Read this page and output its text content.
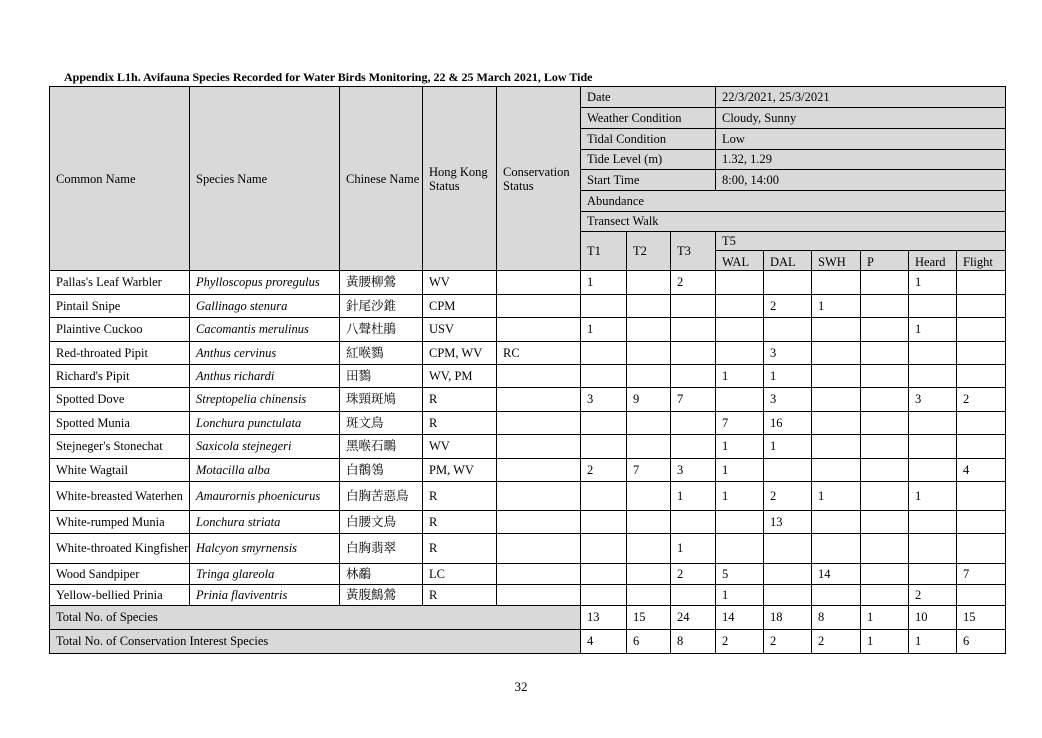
Appendix L1h. Avifauna Species Recorded for Water Birds Monitoring, 22 & 25 March 2021, Low Tide
Common Name	Species Name	Chinese Name	Hong Kong Status	Conservation Status	Date			22/3/2021, 25/3/2021					
					Weather Condition			Cloudy, Sunny					
					Tidal Condition			Low					
					Tide Level (m)			1.32, 1.29					
					Start Time			8:00, 14:00					
					Abundance								
					Transect Walk								
					T1	T2	T3	T5					
								WAL	DAL	SWH	P	Heard	Flight
Pallas's Leaf Warbler	Phylloscopus proregulus	黃腰柳鶯	WV		1		2					1	
Pintail Snipe	Gallinago stenura	針尾沙錐	CPM						2	1			
Plaintive Cuckoo	Cacomantis merulinus	八聲杜鵑	USV		1							1	
Red-throated Pipit	Anthus cervinus	紅喉鷚	CPM, WV	RC					3				
Richard's Pipit	Anthus richardi	田鷚	WV, PM					1	1				
Spotted Dove	Streptopelia chinensis	珠頸斑鳩	R		3	9	7		3			3	2
Spotted Munia	Lonchura punctulata	斑文鳥	R					7	16				
Stejneger's Stonechat	Saxicola stejnegeri	黑喉石䳭	WV					1	1				
White Wagtail	Motacilla alba	白鶺鴒	PM, WV		2	7	3	1					4
White-breasted Waterhen	Amaurornis phoenicurus	白胸苦惡鳥	R				1	1	2	1		1	
White-rumped Munia	Lonchura striata	白腰文鳥	R						13				
White-throated Kingfisher	Halcyon smyrnensis	白胸翡翠	R				1						
Wood Sandpiper	Tringa glareola	林鷸	LC				2	5		14			7
Yellow-bellied Prinia	Prinia flaviventris	黃腹鷦鶯	R					1				2	
Total No. of Species					13	15	24	14	18	8	1	10	15
Total No. of Conservation Interest Species					4	6	8	2	2	2	1	1	6
32
